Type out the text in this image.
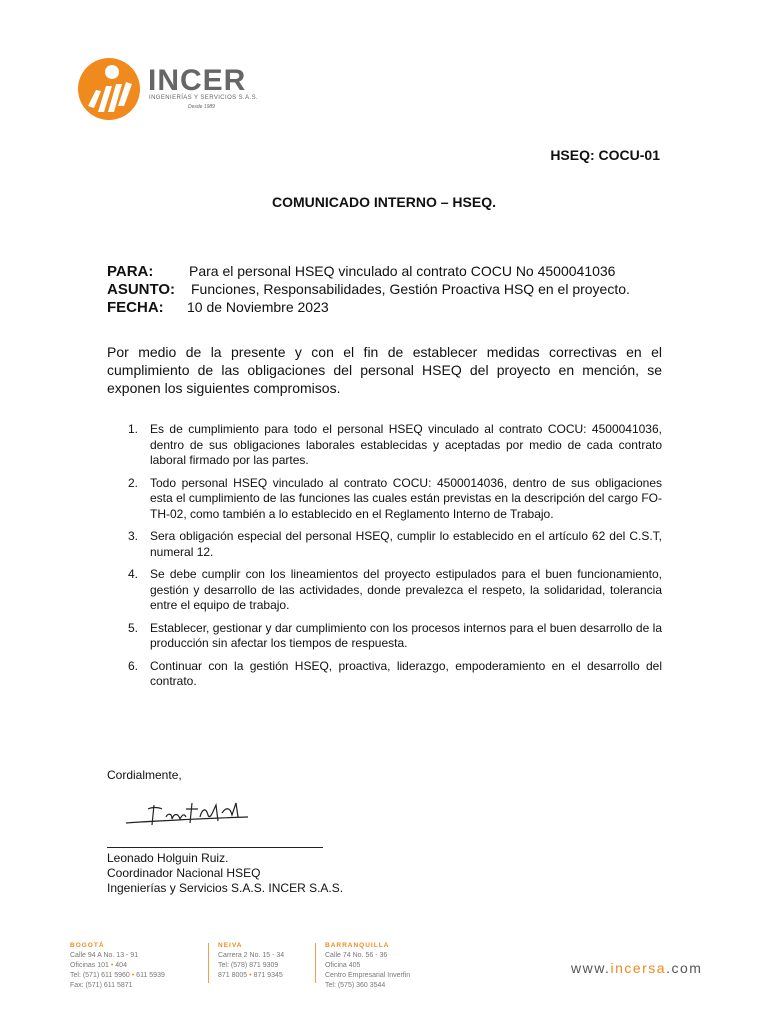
INCER
INGENIERÍAS Y SERVICIOS S.A.S.
Desde 1989
HSEQ: COCU-01
COMUNICADO INTERNO – HSEQ.
PARA:	Para el personal HSEQ vinculado al contrato COCU No 4500041036
ASUNTO: Funciones, Responsabilidades, Gestión Proactiva HSQ en el proyecto.
FECHA: 10 de Noviembre 2023
Por medio de la presente y con el fin de establecer medidas correctivas en el cumplimiento de las obligaciones del personal HSEQ del proyecto en mención, se exponen los siguientes compromisos.
1. Es de cumplimiento para todo el personal HSEQ vinculado al contrato COCU: 4500041036, dentro de sus obligaciones laborales establecidas y aceptadas por medio de cada contrato laboral firmado por las partes.
2. Todo personal HSEQ vinculado al contrato COCU: 4500014036, dentro de sus obligaciones esta el cumplimiento de las funciones las cuales están previstas en la descripción del cargo FO-TH-02, como también a lo establecido en el Reglamento Interno de Trabajo.
3. Sera obligación especial del personal HSEQ, cumplir lo establecido en el artículo 62 del C.S.T, numeral 12.
4. Se debe cumplir con los lineamientos del proyecto estipulados para el buen funcionamiento, gestión y desarrollo de las actividades, donde prevalezca el respeto, la solidaridad, tolerancia entre el equipo de trabajo.
5. Establecer, gestionar y dar cumplimiento con los procesos internos para el buen desarrollo de la producción sin afectar los tiempos de respuesta.
6. Continuar con la gestión HSEQ, proactiva, liderazgo, empoderamiento en el desarrollo del contrato.
Cordialmente,
Leonado Holguin Ruiz.
Coordinador Nacional HSEQ
Ingenierías y Servicios S.A.S. INCER S.A.S.
BOGOTÁ
Calle 94 A No. 13 - 91
Oficinas 101 • 404
Tel: (571) 611 5960 • 611 5939
Fax: (571) 611 5871
NEIVA
Carrera 2 No. 15 - 34
Tel: (578) 871 9309
871 8005 • 871 9345
BARRANQUILLA
Calle 74 No. 56 - 36
Oficina 405
Centro Empresarial Inverfin
Tel: (575) 360 3544
www.incersa.com
